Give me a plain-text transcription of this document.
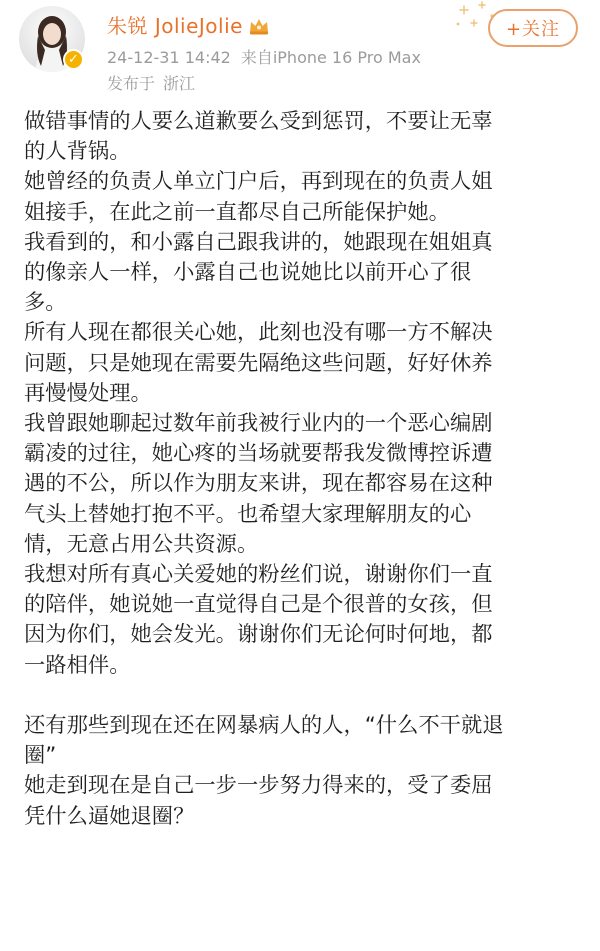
✓
朱锐 JolieJolie
24-12-31 14:42 来自iPhone 16 Pro Max
发布于 浙江
+关注

做错事情的人要么道歉要么受到惩罚，不要让无辜

的人背锅。

她曾经的负责人单立门户后，再到现在的负责人姐

姐接手，在此之前一直都尽自己所能保护她。

我看到的，和小露自己跟我讲的，她跟现在姐姐真

的像亲人一样，小露自己也说她比以前开心了很

多。

所有人现在都很关心她，此刻也没有哪一方不解决

问题，只是她现在需要先隔绝这些问题，好好休养

再慢慢处理。

我曾跟她聊起过数年前我被行业内的一个恶心编剧

霸凌的过往，她心疼的当场就要帮我发微博控诉遭

遇的不公，所以作为朋友来讲，现在都容易在这种

气头上替她打抱不平。也希望大家理解朋友的心

情，无意占用公共资源。

我想对所有真心关爱她的粉丝们说，谢谢你们一直

的陪伴，她说她一直觉得自己是个很普的女孩，但

因为你们，她会发光。谢谢你们无论何时何地，都

一路相伴。

还有那些到现在还在网暴病人的人，“什么不干就退

圈”

她走到现在是自己一步一步努力得来的，受了委屈

凭什么逼她退圈？
